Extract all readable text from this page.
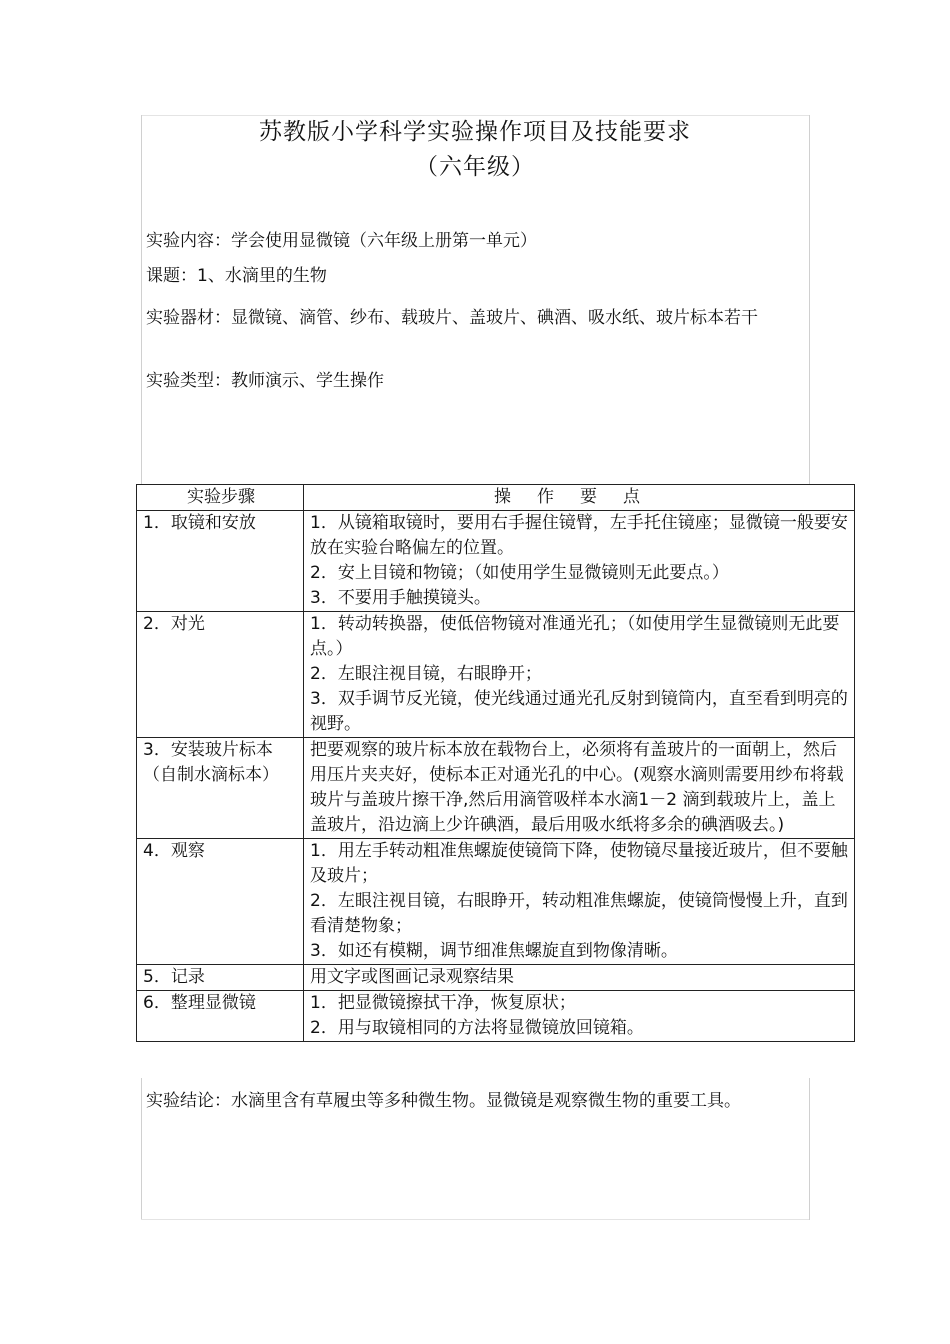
苏教版小学科学实验操作项目及技能要求
（六年级）
实验内容：学会使用显微镜（六年级上册第一单元）
课题：1、水滴里的生物
实验器材：显微镜、滴管、纱布、载玻片、盖玻片、碘酒、吸水纸、玻片标本若干
实验类型：教师演示、学生操作
实验步骤	操作要点

1．取镜和安放	1．从镜箱取镜时，要用右手握住镜臂，左手托住镜座；显微镜一般要安放在实验台略偏左的位置。
2．安上目镜和物镜；（如使用学生显微镜则无此要点。）
3．不要用手触摸镜头。

2．对光	1．转动转换器，使低倍物镜对准通光孔；（如使用学生显微镜则无此要点。）
2．左眼注视目镜，右眼睁开；
3．双手调节反光镜，使光线通过通光孔反射到镜筒内，直至看到明亮的视野。

3．安装玻片标本
（自制水滴标本）	把要观察的玻片标本放在载物台上，必须将有盖玻片的一面朝上，然后用压片夹夹好，使标本正对通光孔的中心。(观察水滴则需要用纱布将载玻片与盖玻片擦干净,然后用滴管吸样本水滴1－2 滴到载玻片上，盖上盖玻片，沿边滴上少许碘酒，最后用吸水纸将多余的碘酒吸去。)

4．观察	1．用左手转动粗准焦螺旋使镜筒下降，使物镜尽量接近玻片，但不要触及玻片；
2．左眼注视目镜，右眼睁开，转动粗准焦螺旋，使镜筒慢慢上升，直到看清楚物象；
3．如还有模糊，调节细准焦螺旋直到物像清晰。

5．记录	用文字或图画记录观察结果

6．整理显微镜	1．把显微镜擦拭干净，恢复原状；
2．用与取镜相同的方法将显微镜放回镜箱。
实验结论：水滴里含有草履虫等多种微生物。显微镜是观察微生物的重要工具。
